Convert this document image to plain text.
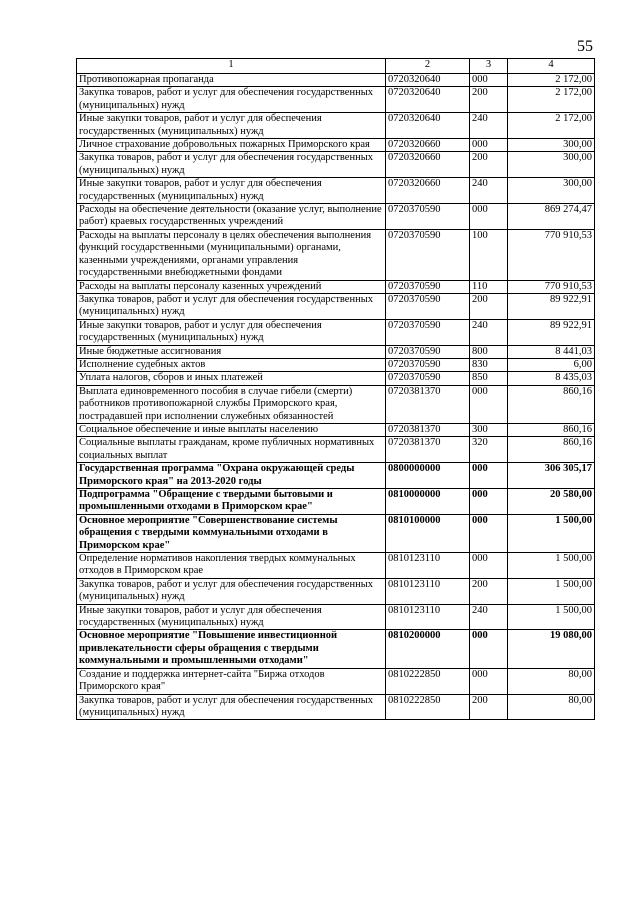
55
1	2	3	4
Противопожарная пропаганда	0720320640	000	2 172,00
Закупка товаров, работ и услуг для обеспечения государственных (муниципальных) нужд	0720320640	200	2 172,00
Иные закупки товаров, работ и услуг для обеспечения государственных (муниципальных) нужд	0720320640	240	2 172,00
Личное страхование добровольных пожарных Приморского края	0720320660	000	300,00
Закупка товаров, работ и услуг для обеспечения государственных (муниципальных) нужд	0720320660	200	300,00
Иные закупки товаров, работ и услуг для обеспечения государственных (муниципальных) нужд	0720320660	240	300,00
Расходы на обеспечение деятельности (оказание услуг, выполнение работ) краевых государственных учреждений	0720370590	000	869 274,47
Расходы на выплаты персоналу в целях обеспечения выполнения функций государственными (муниципальными) органами, казенными учреждениями, органами управления государственными внебюджетными фондами	0720370590	100	770 910,53
Расходы на выплаты персоналу казенных учреждений	0720370590	110	770 910,53
Закупка товаров, работ и услуг для обеспечения государственных (муниципальных) нужд	0720370590	200	89 922,91
Иные закупки товаров, работ и услуг для обеспечения государственных (муниципальных) нужд	0720370590	240	89 922,91
Иные бюджетные ассигнования	0720370590	800	8 441,03
Исполнение судебных актов	0720370590	830	6,00
Уплата налогов, сборов и иных платежей	0720370590	850	8 435,03
Выплата единовременного пособия в случае гибели (смерти) работников противопожарной службы Приморского края, пострадавшей при исполнении служебных обязанностей	0720381370	000	860,16
Социальное обеспечение и иные выплаты населению	0720381370	300	860,16
Социальные выплаты гражданам, кроме публичных нормативных социальных выплат	0720381370	320	860,16
Государственная программа "Охрана окружающей среды Приморского края" на 2013-2020 годы	0800000000	000	306 305,17
Подпрограмма "Обращение с твердыми бытовыми и промышленными отходами в Приморском крае"	0810000000	000	20 580,00
Основное мероприятие "Совершенствование системы обращения с твердыми коммунальными отходами в Приморском крае"	0810100000	000	1 500,00
Определение нормативов накопления твердых коммунальных отходов в Приморском крае	0810123110	000	1 500,00
Закупка товаров, работ и услуг для обеспечения государственных (муниципальных) нужд	0810123110	200	1 500,00
Иные закупки товаров, работ и услуг для обеспечения государственных (муниципальных) нужд	0810123110	240	1 500,00
Основное мероприятие "Повышение инвестиционной привлекательности сферы обращения с твердыми коммунальными и промышленными отходами"	0810200000	000	19 080,00
Создание и поддержка интернет-сайта "Биржа отходов Приморского края"	0810222850	000	80,00
Закупка товаров, работ и услуг для обеспечения государственных (муниципальных) нужд	0810222850	200	80,00
